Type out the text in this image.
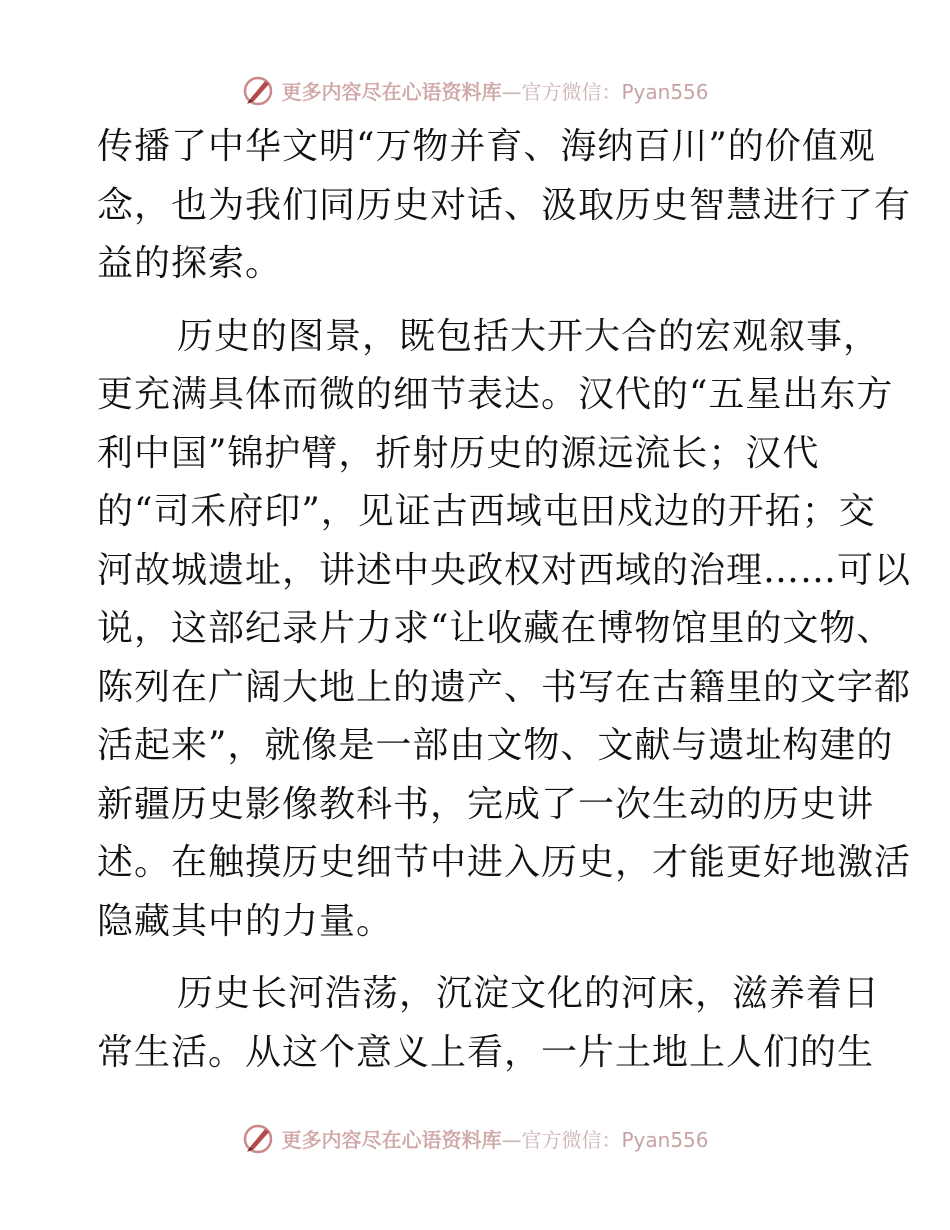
更多内容尽在心语资料库—官方微信：Pyan556
传播了中华文明“万物并育、海纳百川”的价值观
念，也为我们同历史对话、汲取历史智慧进行了有
益的探索。
历史的图景，既包括大开大合的宏观叙事，
更充满具体而微的细节表达。汉代的“五星出东方
利中国”锦护臂，折射历史的源远流长；汉代
的“司禾府印”，见证古西域屯田戍边的开拓；交
河故城遗址，讲述中央政权对西域的治理……可以
说，这部纪录片力求“让收藏在博物馆里的文物、
陈列在广阔大地上的遗产、书写在古籍里的文字都
活起来”，就像是一部由文物、文献与遗址构建的
新疆历史影像教科书，完成了一次生动的历史讲
述。在触摸历史细节中进入历史，才能更好地激活
隐藏其中的力量。
历史长河浩荡，沉淀文化的河床，滋养着日
常生活。从这个意义上看，一片土地上人们的生
更多内容尽在心语资料库—官方微信：Pyan556
